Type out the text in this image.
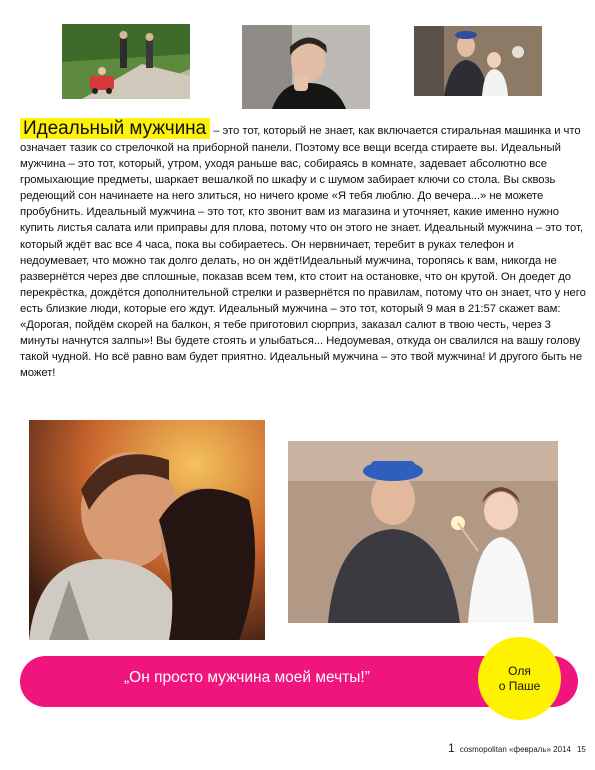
Идеальный мужчина – это тот, который не знает, как включается стиральная машинка и что означает тазик со стрелочкой на приборной панели. Поэтому все вещи всегда стираете вы. Идеальный мужчина – это тот, который, утром, уходя раньше вас, собираясь в комнате, задевает абсолютно все громыхающие предметы, шаркает вешалкой по шкафу и с шумом забирает ключи со стола. Вы сквозь редеющий сон начинаете на него злиться, но ничего кроме «Я тебя люблю. До вечера...» не можете пробубнить. Идеальный мужчина – это тот, кто звонит вам из магазина и уточняет, какие именно нужно купить листья салата или приправы для плова, потому что он этого не знает. Идеальный мужчина – это тот, который ждёт вас все 4 часа, пока вы собираетесь. Он нервничает, теребит в руках телефон и недоумевает, что можно так долго делать, но он ждёт!Идеальный мужчина, торопясь к вам, никогда не развернётся через две сплошные, показав всем тем, кто стоит на остановке, что он крутой. Он доедет до перекрёстка, дождётся дополнительной стрелки и развернётся по правилам, потому что он знает, что у него есть близкие люди, которые его ждут. Идеальный мужчина – это тот, который 9 мая в 21:57 скажет вам: «Дорогая, пойдём скорей на балкон, я тебе приготовил сюрприз, заказал салют в твою честь, через 3 минуты начнутся залпы»! Вы будете стоять и улыбаться... Недоумевая, откуда он свалился на вашу голову такой чудной. Но всё равно вам будет приятно. Идеальный мужчина – это твой мужчина! И другого быть не может!
„Он просто мужчина моей мечты!”	Оля
о Паше
1 cosmopolitan «февраль» 2014 15
